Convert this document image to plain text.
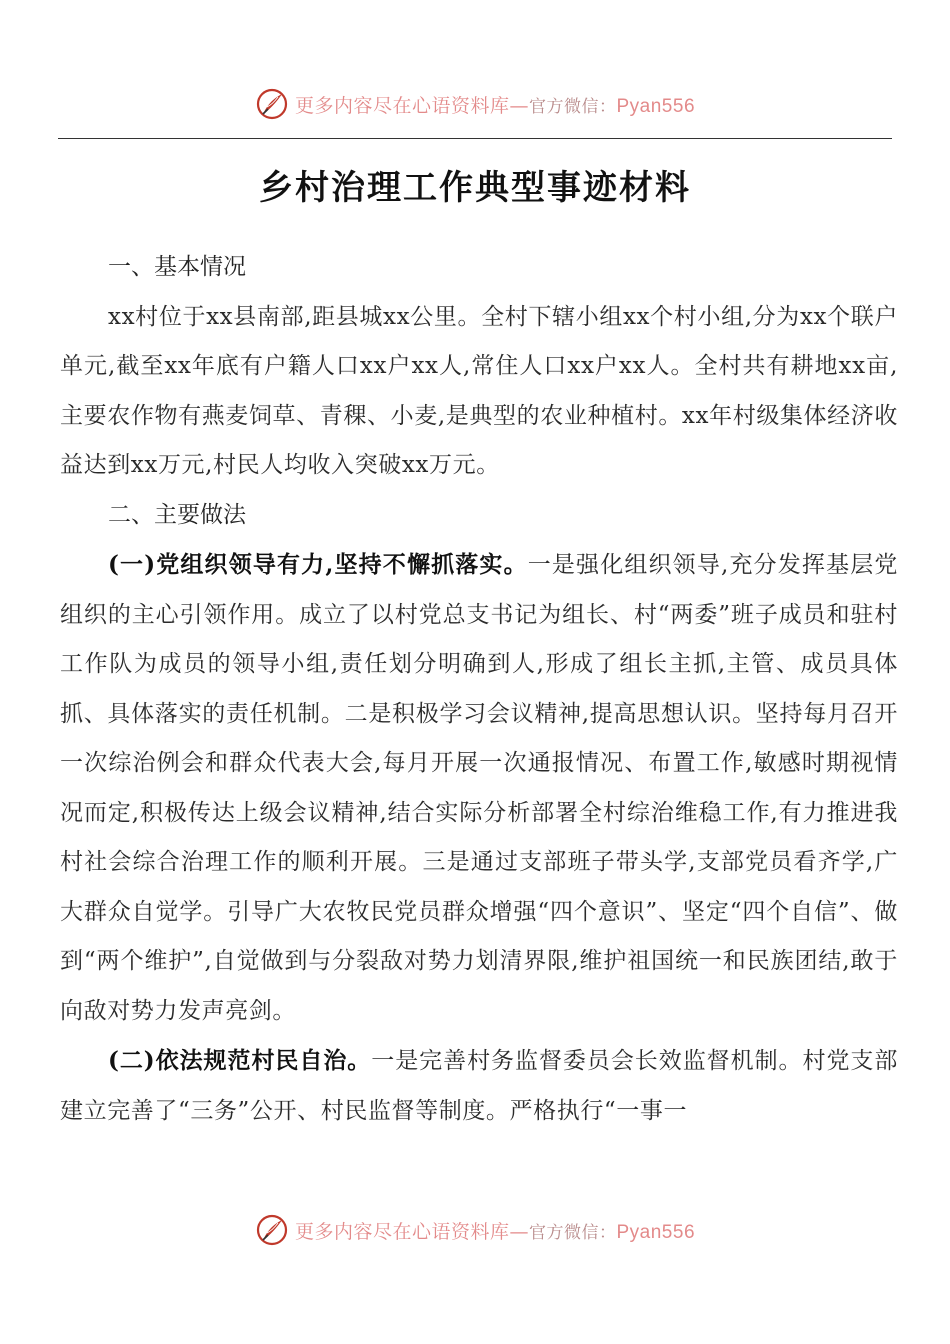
更多内容尽在心语资料库—官方微信：Pyan556
乡村治理工作典型事迹材料

一、基本情况

xx村位于xx县南部,距县城xx公里。全村下辖小组xx个村小组,分为xx个联户单元,截至xx年底有户籍人口xx户xx人,常住人口xx户xx人。全村共有耕地xx亩,主要农作物有燕麦饲草、青稞、小麦,是典型的农业种植村。xx年村级集体经济收益达到xx万元,村民人均收入突破xx万元。

二、主要做法

(一)党组织领导有力,坚持不懈抓落实。一是强化组织领导,充分发挥基层党组织的主心引领作用。成立了以村党总支书记为组长、村“两委”班子成员和驻村工作队为成员的领导小组,责任划分明确到人,形成了组长主抓,主管、成员具体抓、具体落实的责任机制。二是积极学习会议精神,提高思想认识。坚持每月召开一次综治例会和群众代表大会,每月开展一次通报情况、布置工作,敏感时期视情况而定,积极传达上级会议精神,结合实际分析部署全村综治维稳工作,有力推进我村社会综合治理工作的顺利开展。三是通过支部班子带头学,支部党员看齐学,广大群众自觉学。引导广大农牧民党员群众增强“四个意识”、坚定“四个自信”、做到“两个维护”,自觉做到与分裂敌对势力划清界限,维护祖国统一和民族团结,敢于向敌对势力发声亮剑。

(二)依法规范村民自治。一是完善村务监督委员会长效监督机制。村党支部建立完善了“三务”公开、村民监督等制度。严格执行“一事一

更多内容尽在心语资料库—官方微信：Pyan556
